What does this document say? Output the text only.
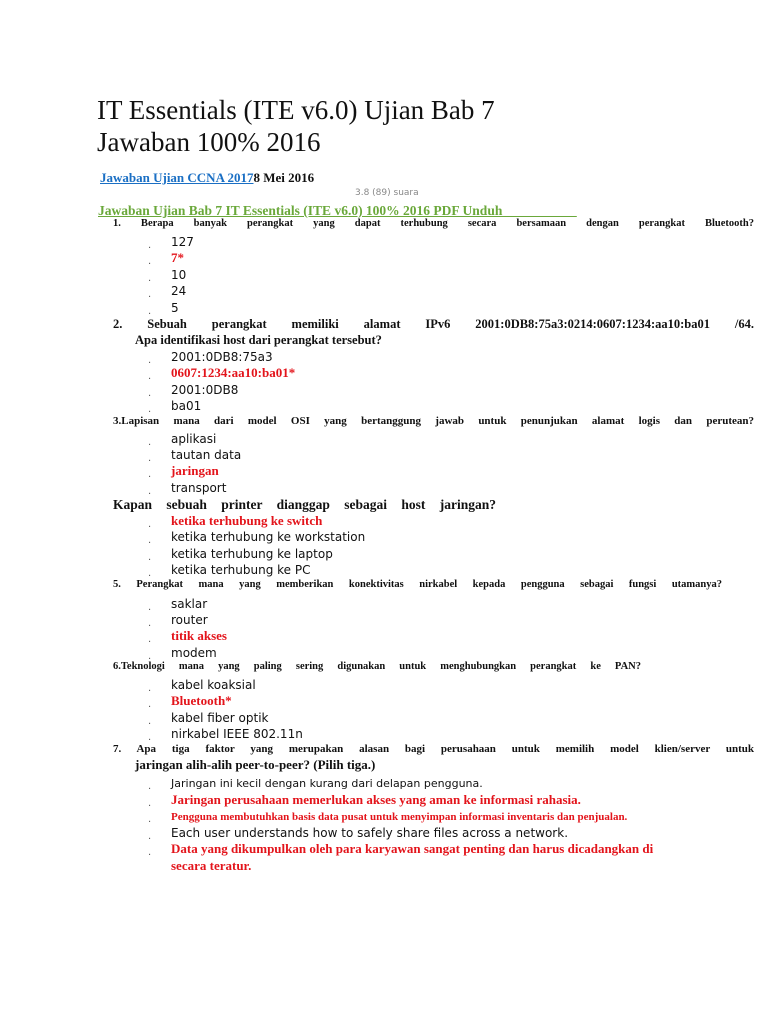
IT Essentials (ITE v6.0) Ujian Bab 7
Jawaban 100% 2016
Jawaban Ujian CCNA 20178 Mei 2016
3.8 (89) suara
Jawaban Ujian Bab 7 IT Essentials (ITE v6.0) 100% 2016 PDF Unduh___________
1. Berapa banyak perangkat yang dapat terhubung secara bersamaan dengan perangkat Bluetooth?
. 127
. 7*
. 10
. 24
. 5
2. Sebuah perangkat memiliki alamat IPv6 2001:0DB8:75a3:0214:0607:1234:aa10:ba01 /64.
Apa identifikasi host dari perangkat tersebut?
. 2001:0DB8:75a3
. 0607:1234:aa10:ba01*
. 2001:0DB8
. ba01
3.Lapisan mana dari model OSI yang bertanggung jawab untuk penunjukan alamat logis dan perutean?
. aplikasi
. tautan data
. jaringan
. transport
Kapan sebuah printer dianggap sebagai host jaringan?
. ketika terhubung ke switch
. ketika terhubung ke workstation
. ketika terhubung ke laptop
. ketika terhubung ke PC
5. Perangkat mana yang memberikan konektivitas nirkabel kepada pengguna sebagai fungsi utamanya?
. saklar
. router
. titik akses
. modem
6.Teknologi mana yang paling sering digunakan untuk menghubungkan perangkat ke PAN?
. kabel koaksial
. Bluetooth*
. kabel fiber optik
. nirkabel IEEE 802.11n
7. Apa tiga faktor yang merupakan alasan bagi perusahaan untuk memilih model klien/server untuk
jaringan alih-alih peer-to-peer? (Pilih tiga.)
. Jaringan ini kecil dengan kurang dari delapan pengguna.
. Jaringan perusahaan memerlukan akses yang aman ke informasi rahasia.
. Pengguna membutuhkan basis data pusat untuk menyimpan informasi inventaris dan penjualan.
. Each user understands how to safely share files across a network.
. Data yang dikumpulkan oleh para karyawan sangat penting dan harus dicadangkan di
secara teratur.
